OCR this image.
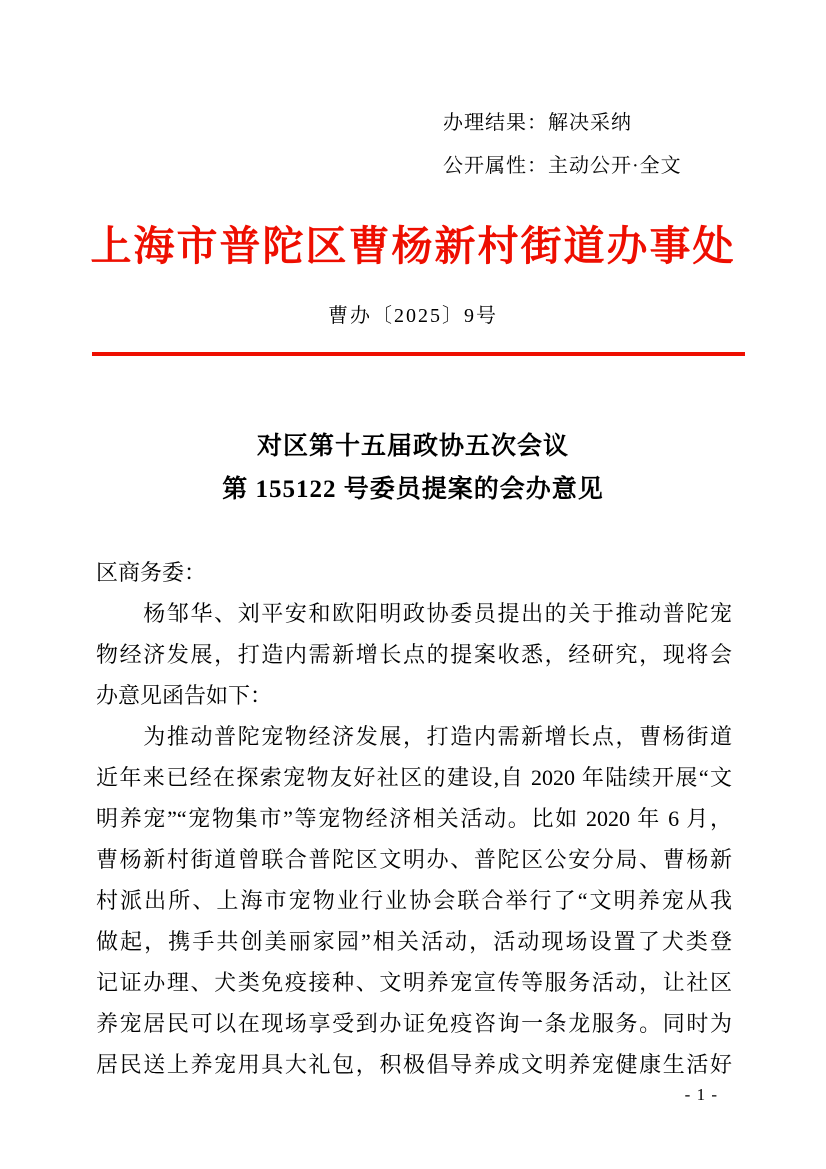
办理结果：解决采纳
公开属性：主动公开·全文
上海市普陀区曹杨新村街道办事处
曹办〔2025〕9号
对区第十五届政协五次会议
第 155122 号委员提案的会办意见
区商务委：
　　杨邹华、刘平安和欧阳明政协委员提出的关于推动普陀宠
物经济发展，打造内需新增长点的提案收悉，经研究，现将会
办意见函告如下：
　　为推动普陀宠物经济发展，打造内需新增长点，曹杨街道
近年来已经在探索宠物友好社区的建设,自 2020 年陆续开展“文
明养宠”“宠物集市”等宠物经济相关活动。比如 2020 年 6 月，
曹杨新村街道曾联合普陀区文明办、普陀区公安分局、曹杨新
村派出所、上海市宠物业行业协会联合举行了“文明养宠从我
做起，携手共创美丽家园”相关活动，活动现场设置了犬类登
记证办理、犬类免疫接种、文明养宠宣传等服务活动，让社区
养宠居民可以在现场享受到办证免疫咨询一条龙服务。同时为
居民送上养宠用具大礼包，积极倡导养成文明养宠健康生活好
- 1 -
